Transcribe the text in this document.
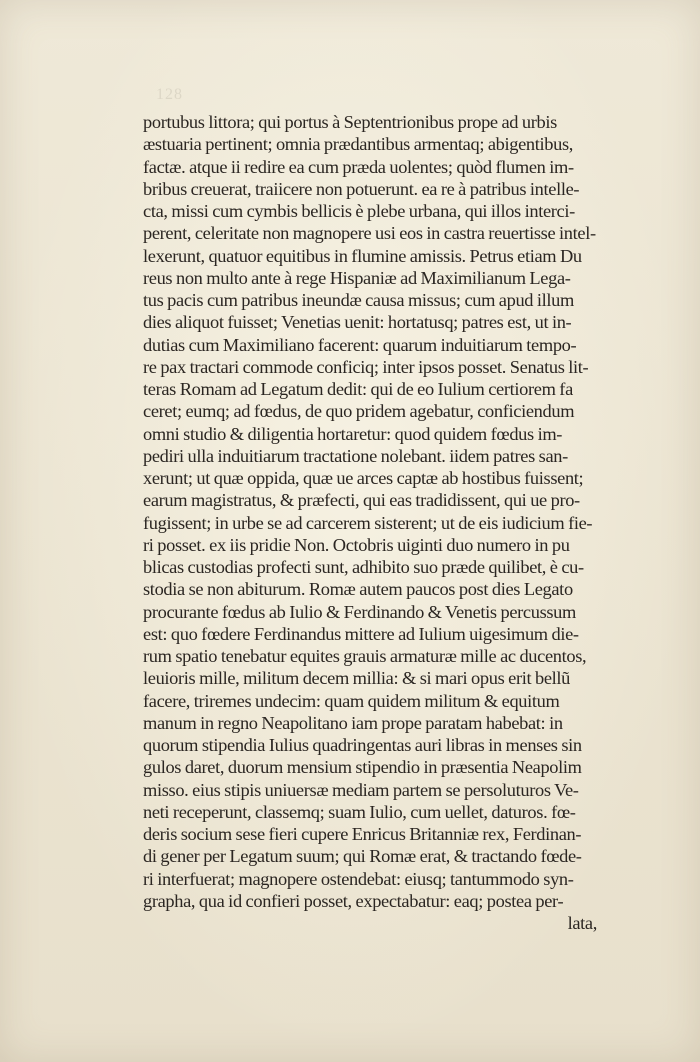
128
portubus littora; qui portus à Septentrionibus prope ad urbis
æstuaria pertinent; omnia prædantibus armentaq; abigentibus,
factæ. atque ii redire ea cum præda uolentes; quòd flumen im-
bribus creuerat, traiicere non potuerunt. ea re à patribus intelle-
cta, missi cum cymbis bellicis è plebe urbana, qui illos interci-
perent, celeritate non magnopere usi eos in castra reuertisse intel-
lexerunt, quatuor equitibus in flumine amissis. Petrus etiam Du
reus non multo ante à rege Hispaniæ ad Maximilianum Lega-
tus pacis cum patribus ineundæ causa missus; cum apud illum
dies aliquot fuisset; Venetias uenit: hortatusq; patres est, ut in-
dutias cum Maximiliano facerent: quarum induitiarum tempo-
re pax tractari commode conficiq; inter ipsos posset. Senatus lit-
teras Romam ad Legatum dedit: qui de eo Iulium certiorem fa
ceret; eumq; ad fœdus, de quo pridem agebatur, conficiendum
omni studio & diligentia hortaretur: quod quidem fœdus im-
pediri ulla induitiarum tractatione nolebant. iidem patres san-
xerunt; ut quæ oppida, quæ ue arces captæ ab hostibus fuissent;
earum magistratus, & præfecti, qui eas tradidissent, qui ue pro-
fugissent; in urbe se ad carcerem sisterent; ut de eis iudicium fie-
ri posset. ex iis pridie Non. Octobris uiginti duo numero in pu
blicas custodias profecti sunt, adhibito suo præde quilibet, è cu-
stodia se non abiturum. Romæ autem paucos post dies Legato
procurante fœdus ab Iulio & Ferdinando & Venetis percussum
est: quo fœdere Ferdinandus mittere ad Iulium uigesimum die-
rum spatio tenebatur equites grauis armaturæ mille ac ducentos,
leuioris mille, militum decem millia: & si mari opus erit bellũ
facere, triremes undecim: quam quidem militum & equitum
manum in regno Neapolitano iam prope paratam habebat: in
quorum stipendia Iulius quadringentas auri libras in menses sin
gulos daret, duorum mensium stipendio in præsentia Neapolim
misso. eius stipis uniuersæ mediam partem se persoluturos Ve-
neti receperunt, classemq; suam Iulio, cum uellet, daturos. fœ-
deris socium sese fieri cupere Enricus Britanniæ rex, Ferdinan-
di gener per Legatum suum; qui Romæ erat, & tractando fœde-
ri interfuerat; magnopere ostendebat: eiusq; tantummodo syn-
grapha, qua id confieri posset, expectabatur: eaq; postea per-
lata,
